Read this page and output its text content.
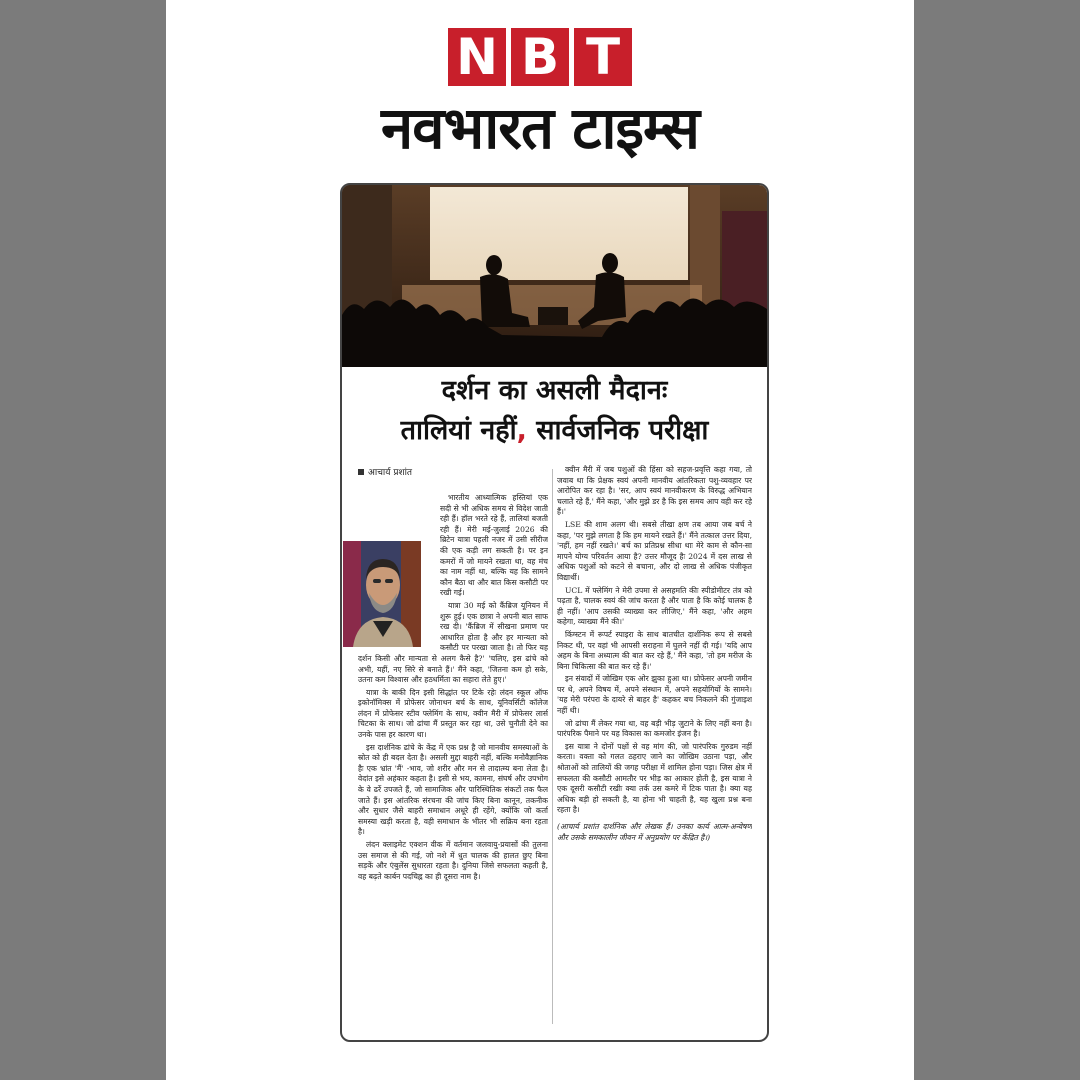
N B T
नवभारत टाइम्स
दर्शन का असली मैदानः
तालियां नहीं, सार्वजनिक परीक्षा
आचार्य प्रशांत

भारतीय आध्यात्मिक हस्तियां एक सदी से भी अधिक समय से विदेश जाती रही हैं। हॉल भरते रहे हैं, तालियां बजती रही हैं। मेरी मई-जुलाई 2026 की ब्रिटेन यात्रा पहली नजर में उसी सीरीज की एक कड़ी लग सकती है। पर इन कमरों में जो मायने रखता था, वह मंच का नाम नहीं था, बल्कि यह कि सामने कौन बैठा था और बात किस कसौटी पर रखी गई।

यात्रा 30 मई को कैंब्रिज यूनियन में शुरू हुई। एक छात्रा ने अपनी बात साफ रख दी। 'कैंब्रिज में सीखना प्रमाण पर आधारित होता है और हर मान्यता को कसौटी पर परखा जाता है। तो फिर यह दर्शन किसी और मान्यता से अलग कैसे है?' 'चलिए, इस ढांचे को अभी, यहीं, नए सिरे से बनाते हैं।' मैंने कहा, 'जितना कम हो सके, उतना कम विश्वास और हठधर्मिता का सहारा लेते हुए।'

यात्रा के बाकी दिन इसी सिद्धांत पर टिके रहेः लंदन स्कूल ऑफ इकोनॉमिक्स में प्रोफेसर जोनाथन बर्च के साथ, यूनिवर्सिटी कॉलेज लंदन में प्रोफेसर स्टीव फ्लेमिंग के साथ, क्वीन मैरी में प्रोफेसर लार्स चिटका के साथ। जो ढांचा मैं प्रस्तुत कर रहा था, उसे चुनौती देने का उनके पास हर कारण था।

इस दार्शनिक ढांचे के केंद्र में एक प्रश्न है जो मानवीय समस्याओं के स्रोत को ही बदल देता है। असली मुद्दा बाहरी नहीं, बल्कि मनोवैज्ञानिक हैः एक भ्रांत 'मैं' -भाव, जो शरीर और मन से तादात्म्य बना लेता है। वेदांत इसे अहंकार कहता है। इसी से भय, कामना, संघर्ष और उपभोग के वे ढर्रे उपजते हैं, जो सामाजिक और पारिस्थितिक संकटों तक फैल जाते हैं। इस आंतरिक संरचना की जांच किए बिना कानून, तकनीक और सुधार जैसे बाहरी समाधान अधूरे ही रहेंगे, क्योंकि जो कर्ता समस्या खड़ी करता है, वही समाधान के भीतर भी सक्रिय बना रहता है।

लंदन क्लाइमेट एक्शन वीक में वर्तमान जलवायु-प्रयासों की तुलना उस समाज से की गई, जो नशे में धुत चालक की हालत छुए बिना सड़कें और एंबुलेंस सुधारता रहता है। दुनिया जिसे सफलता कहती है, वह बढ़ते कार्बन पदचिह्न का ही दूसरा नाम है।

क्वीन मैरी में जब पशुओं की हिंसा को सहज-प्रवृत्ति कहा गया, तो जवाब था कि प्रेक्षक स्वयं अपनी मानवीय आंतरिकता पशु-व्यवहार पर आरोपित कर रहा है। 'सर, आप स्वयं मानवीकरण के विरुद्ध अभियान चलाते रहे हैं,' मैंने कहा, 'और मुझे डर है कि इस समय आप वही कर रहे हैं।'

LSE की शाम अलग थी। सबसे तीखा क्षण तब आया जब बर्च ने कहा, 'पर मुझे लगता है कि हम मायने रखते हैं।' मैंने तत्काल उत्तर दिया, 'नहीं, हम नहीं रखते।' बर्च का प्रतिप्रश्न सीधा थाः मेरे काम से कौन-सा मापने योग्य परिवर्तन आया है? उत्तर मौजूद हैः 2024 में दस लाख से अधिक पशुओं को कटने से बचाना, और दो लाख से अधिक पंजीकृत विद्यार्थी।

UCL में फ्लेमिंग ने मेरी उपमा से असहमति कीः स्पीडोमीटर तंत्र को पढ़ता है, चालक स्वयं की जांच करता है और पाता है कि कोई चालक है ही नहीं। 'आप उसकी व्याख्या कर लीजिए,' मैंने कहा, 'और अहम कहेगा, व्याख्या मैंने की।'

किंग्स्टन में रूपर्ट स्पाइरा के साथ बातचीत दार्शनिक रूप से सबसे निकट थी, पर वहां भी आपसी सराहना में घुलने नहीं दी गई। 'यदि आप अहम के बिना अध्यात्म की बात कर रहे हैं,' मैंने कहा, 'तो हम मरीज के बिना चिकित्सा की बात कर रहे हैं।'

इन संवादों में जोखिम एक ओर झुका हुआ था। प्रोफेसर अपनी जमीन पर थे, अपने विषय में, अपने संस्थान में, अपने सहयोगियों के सामने। 'यह मेरी परंपरा के दायरे से बाहर है' कहकर बच निकलने की गुंजाइश नहीं थी।

जो ढांचा मैं लेकर गया था, वह बड़ी भीड़ जुटाने के लिए नहीं बना है। पारंपरिक पैमाने पर यह विकास का कमजोर इंजन है।

इस यात्रा ने दोनों पक्षों से वह मांग की, जो पारंपरिक गुरुडम नहीं करता। वक्ता को गलत ठहराए जाने का जोखिम उठाना पड़ा, और श्रोताओं को तालियों की जगह परीक्षा में शामिल होना पड़ा। जिस क्षेत्र में सफलता की कसौटी आमतौर पर भीड़ का आकार होती है, इस यात्रा ने एक दूसरी कसौटी रखीः क्या तर्क उस कमरे में टिक पाता है। क्या यह अधिक बड़ी हो सकती है, या होना भी चाहती है, यह खुला प्रश्न बना रहता है।

(आचार्य प्रशांत दार्शनिक और लेखक हैं। उनका कार्य आत्म-अन्वेषण और उसके समकालीन जीवन में अनुप्रयोग पर केंद्रित है।)
